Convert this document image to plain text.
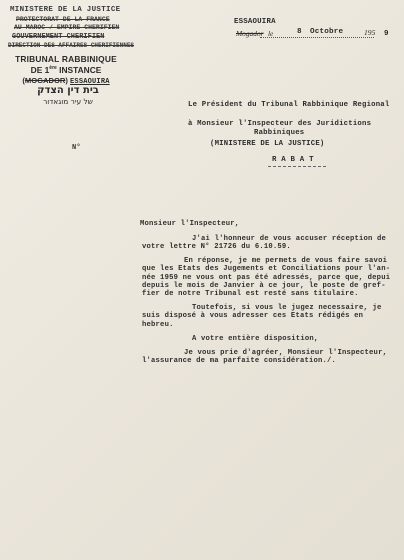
MINISTERE DE LA JUSTICE
PROTECTORAT DE LA FRANCE
AU MAROC / EMPIRE CHERIFIEN
GOUVERNEMENT CHERIFIEN
DIRECTION DES AFFAIRES CHERIFIENNES
TRIBUNAL RABBINIQUE
DE 1ère INSTANCE
(MOGADOR) ESSAOUIRA
בית דין הצדק
של עיר מוגאדור
N°
ESSAOUIRA
Mogador le	8 Octobre	195 9
Le Président du Tribunal Rabbinique Regional
à Monsieur l'Inspecteur des Juridictions
Rabbiniques
(MINISTERE DE LA JUSTICE)
R A B A T
Monsieur l'Inspecteur,
J'ai l'honneur de vous accuser réception de
votre lettre N° 21726 du 6.10.59.
En réponse, je me permets de vous faire savoi
que les Etats des Jugements et Conciliations pour l'an-
née 1959 ne vous ont pas été adressés, parce que, depui
depuis le mois de Janvier à ce jour, le poste de gref-
fier de notre Tribunal est resté sans titulaire.
Toutefois, si vous le jugez necessaire, je
suis disposé à vous adresser ces Etats rédigés en
hebreu.
A votre entière disposition,
Je vous prie d'agréer, Monsieur l'Inspecteur,
l'assurance de ma parfaite considération./.
